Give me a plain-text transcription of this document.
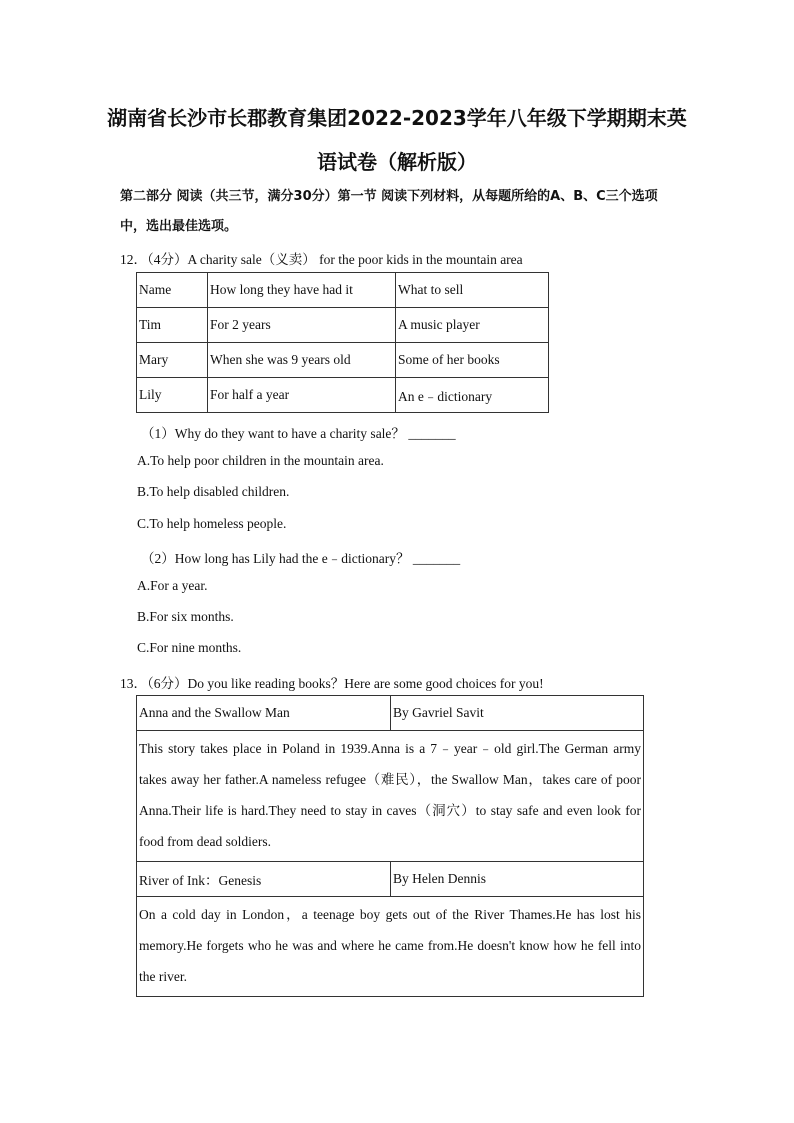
湖南省长沙市长郡教育集团2022-2023学年八年级下学期期末英语试卷（解析版）
第二部分 阅读（共三节，满分30分）第一节 阅读下列材料，从每题所给的A、B、C三个选项中，选出最佳选项。
12．（4分）A charity sale（义卖） for the poor kids in the mountain area
Name	How long they have had it	What to sell
Tim	For 2 years	A music player
Mary	When she was 9 years old	Some of her books
Lily	For half a year	An e﹣dictionary
（1）Why do they want to have a charity sale？ _______
A.To help poor children in the mountain area.
B.To help disabled children.
C.To help homeless people.
（2）How long has Lily had the e﹣dictionary？ _______
A.For a year.
B.For six months.
C.For nine months.
13．（6分）Do you like reading books？Here are some good choices for you!
Anna and the Swallow Man	By Gavriel Savit
This story takes place in Poland in 1939.Anna is a 7﹣year﹣old girl.The German army takes away her father.A nameless refugee（难民），the Swallow Man，takes care of poor Anna.Their life is hard.They need to stay in caves（洞穴）to stay safe and even look for food from dead soldiers.	
River of Ink：Genesis	By Helen Dennis
On a cold day in London，a teenage boy gets out of the River Thames.He has lost his memory.He forgets who he was and where he came from.He doesn't know how he fell into the river.	
